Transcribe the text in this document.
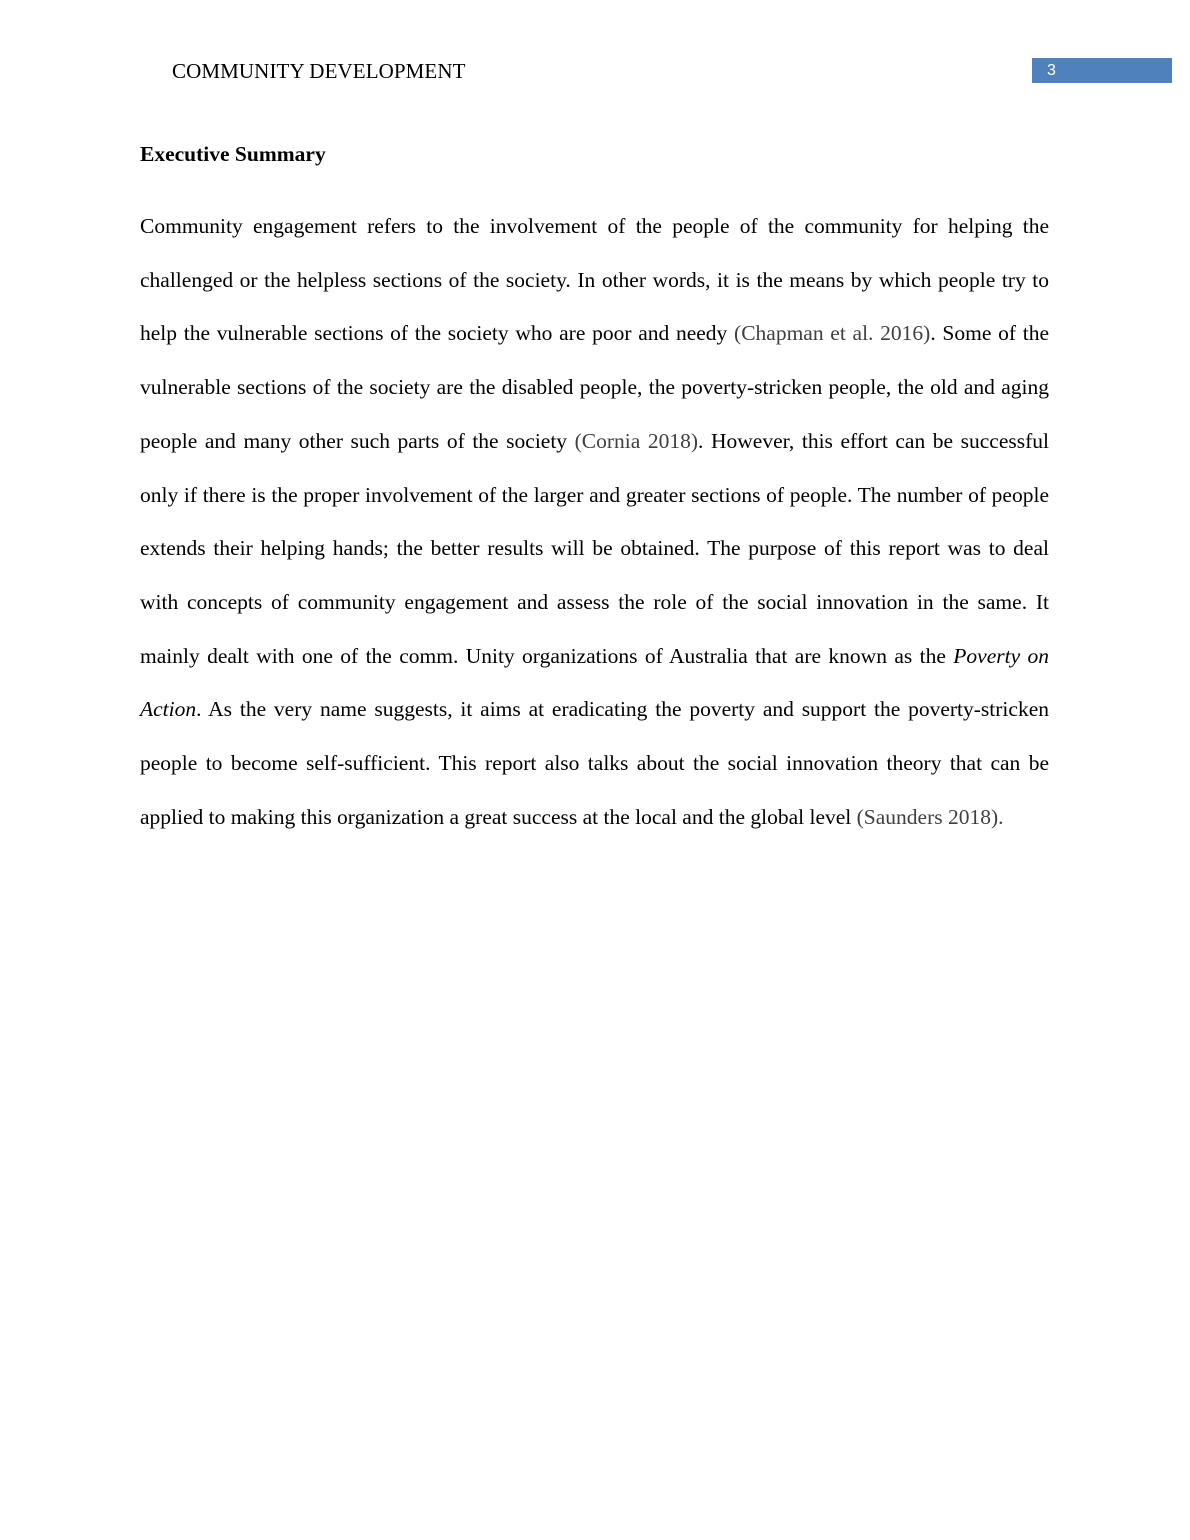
COMMUNITY DEVELOPMENT	3
Executive Summary

Community engagement refers to the involvement of the people of the community for helping the challenged or the helpless sections of the society. In other words, it is the means by which people try to help the vulnerable sections of the society who are poor and needy (Chapman et al. 2016). Some of the vulnerable sections of the society are the disabled people, the poverty-stricken people, the old and aging people and many other such parts of the society (Cornia 2018). However, this effort can be successful only if there is the proper involvement of the larger and greater sections of people. The number of people extends their helping hands; the better results will be obtained. The purpose of this report was to deal with concepts of community engagement and assess the role of the social innovation in the same. It mainly dealt with one of the comm. Unity organizations of Australia that are known as the Poverty on Action. As the very name suggests, it aims at eradicating the poverty and support the poverty-stricken people to become self-sufficient. This report also talks about the social innovation theory that can be applied to making this organization a great success at the local and the global level (Saunders 2018).
